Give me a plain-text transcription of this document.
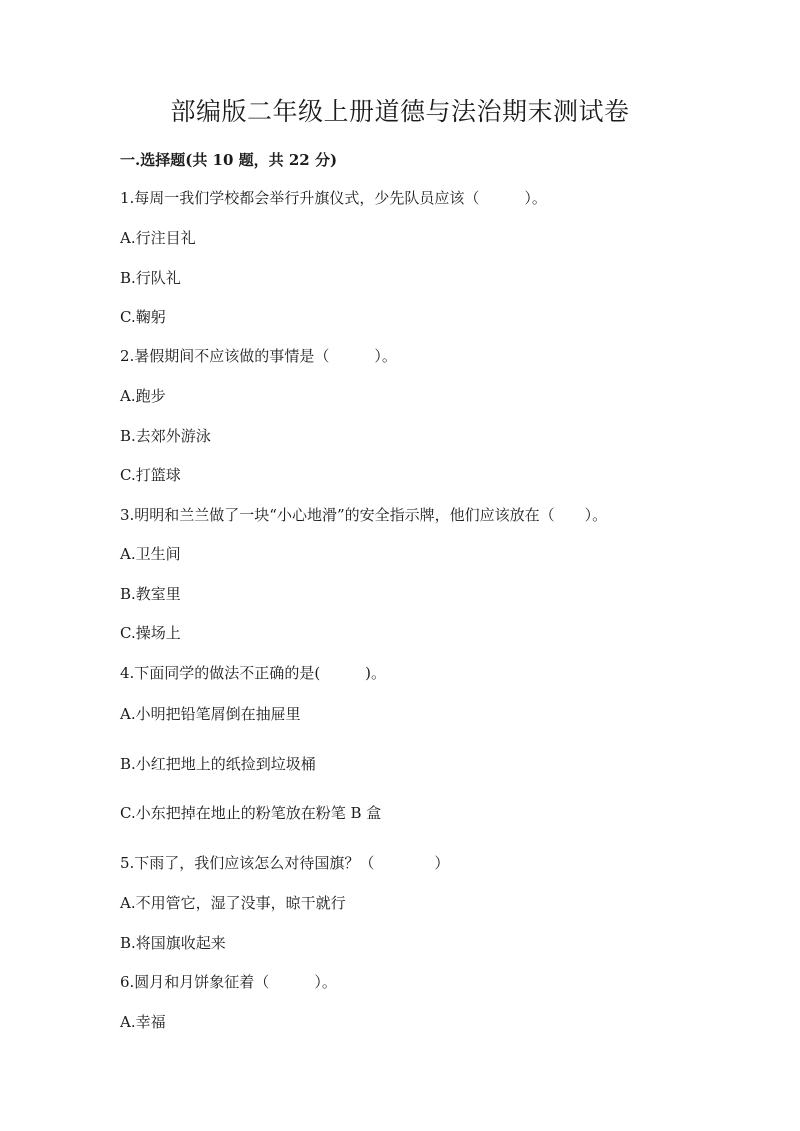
部编版二年级上册道德与法治期末测试卷
一.选择题(共 10 题，共 22 分)
1.每周一我们学校都会举行升旗仪式，少先队员应该（　　　）。
A.行注目礼
B.行队礼
C.鞠躬
2.暑假期间不应该做的事情是（　　　）。
A.跑步
B.去郊外游泳
C.打篮球
3.明明和兰兰做了一块“小心地滑”的安全指示牌，他们应该放在（　　）。
A.卫生间
B.教室里
C.操场上
4.下面同学的做法不正确的是(　　　)。
A.小明把铅笔屑倒在抽屉里
B.小红把地上的纸捡到垃圾桶
C.小东把掉在地止的粉笔放在粉笔 B 盒
5.下雨了，我们应该怎么对待国旗？（　　　　）
A.不用管它，湿了没事，晾干就行
B.将国旗收起来
6.圆月和月饼象征着（　　　）。
A.幸福
